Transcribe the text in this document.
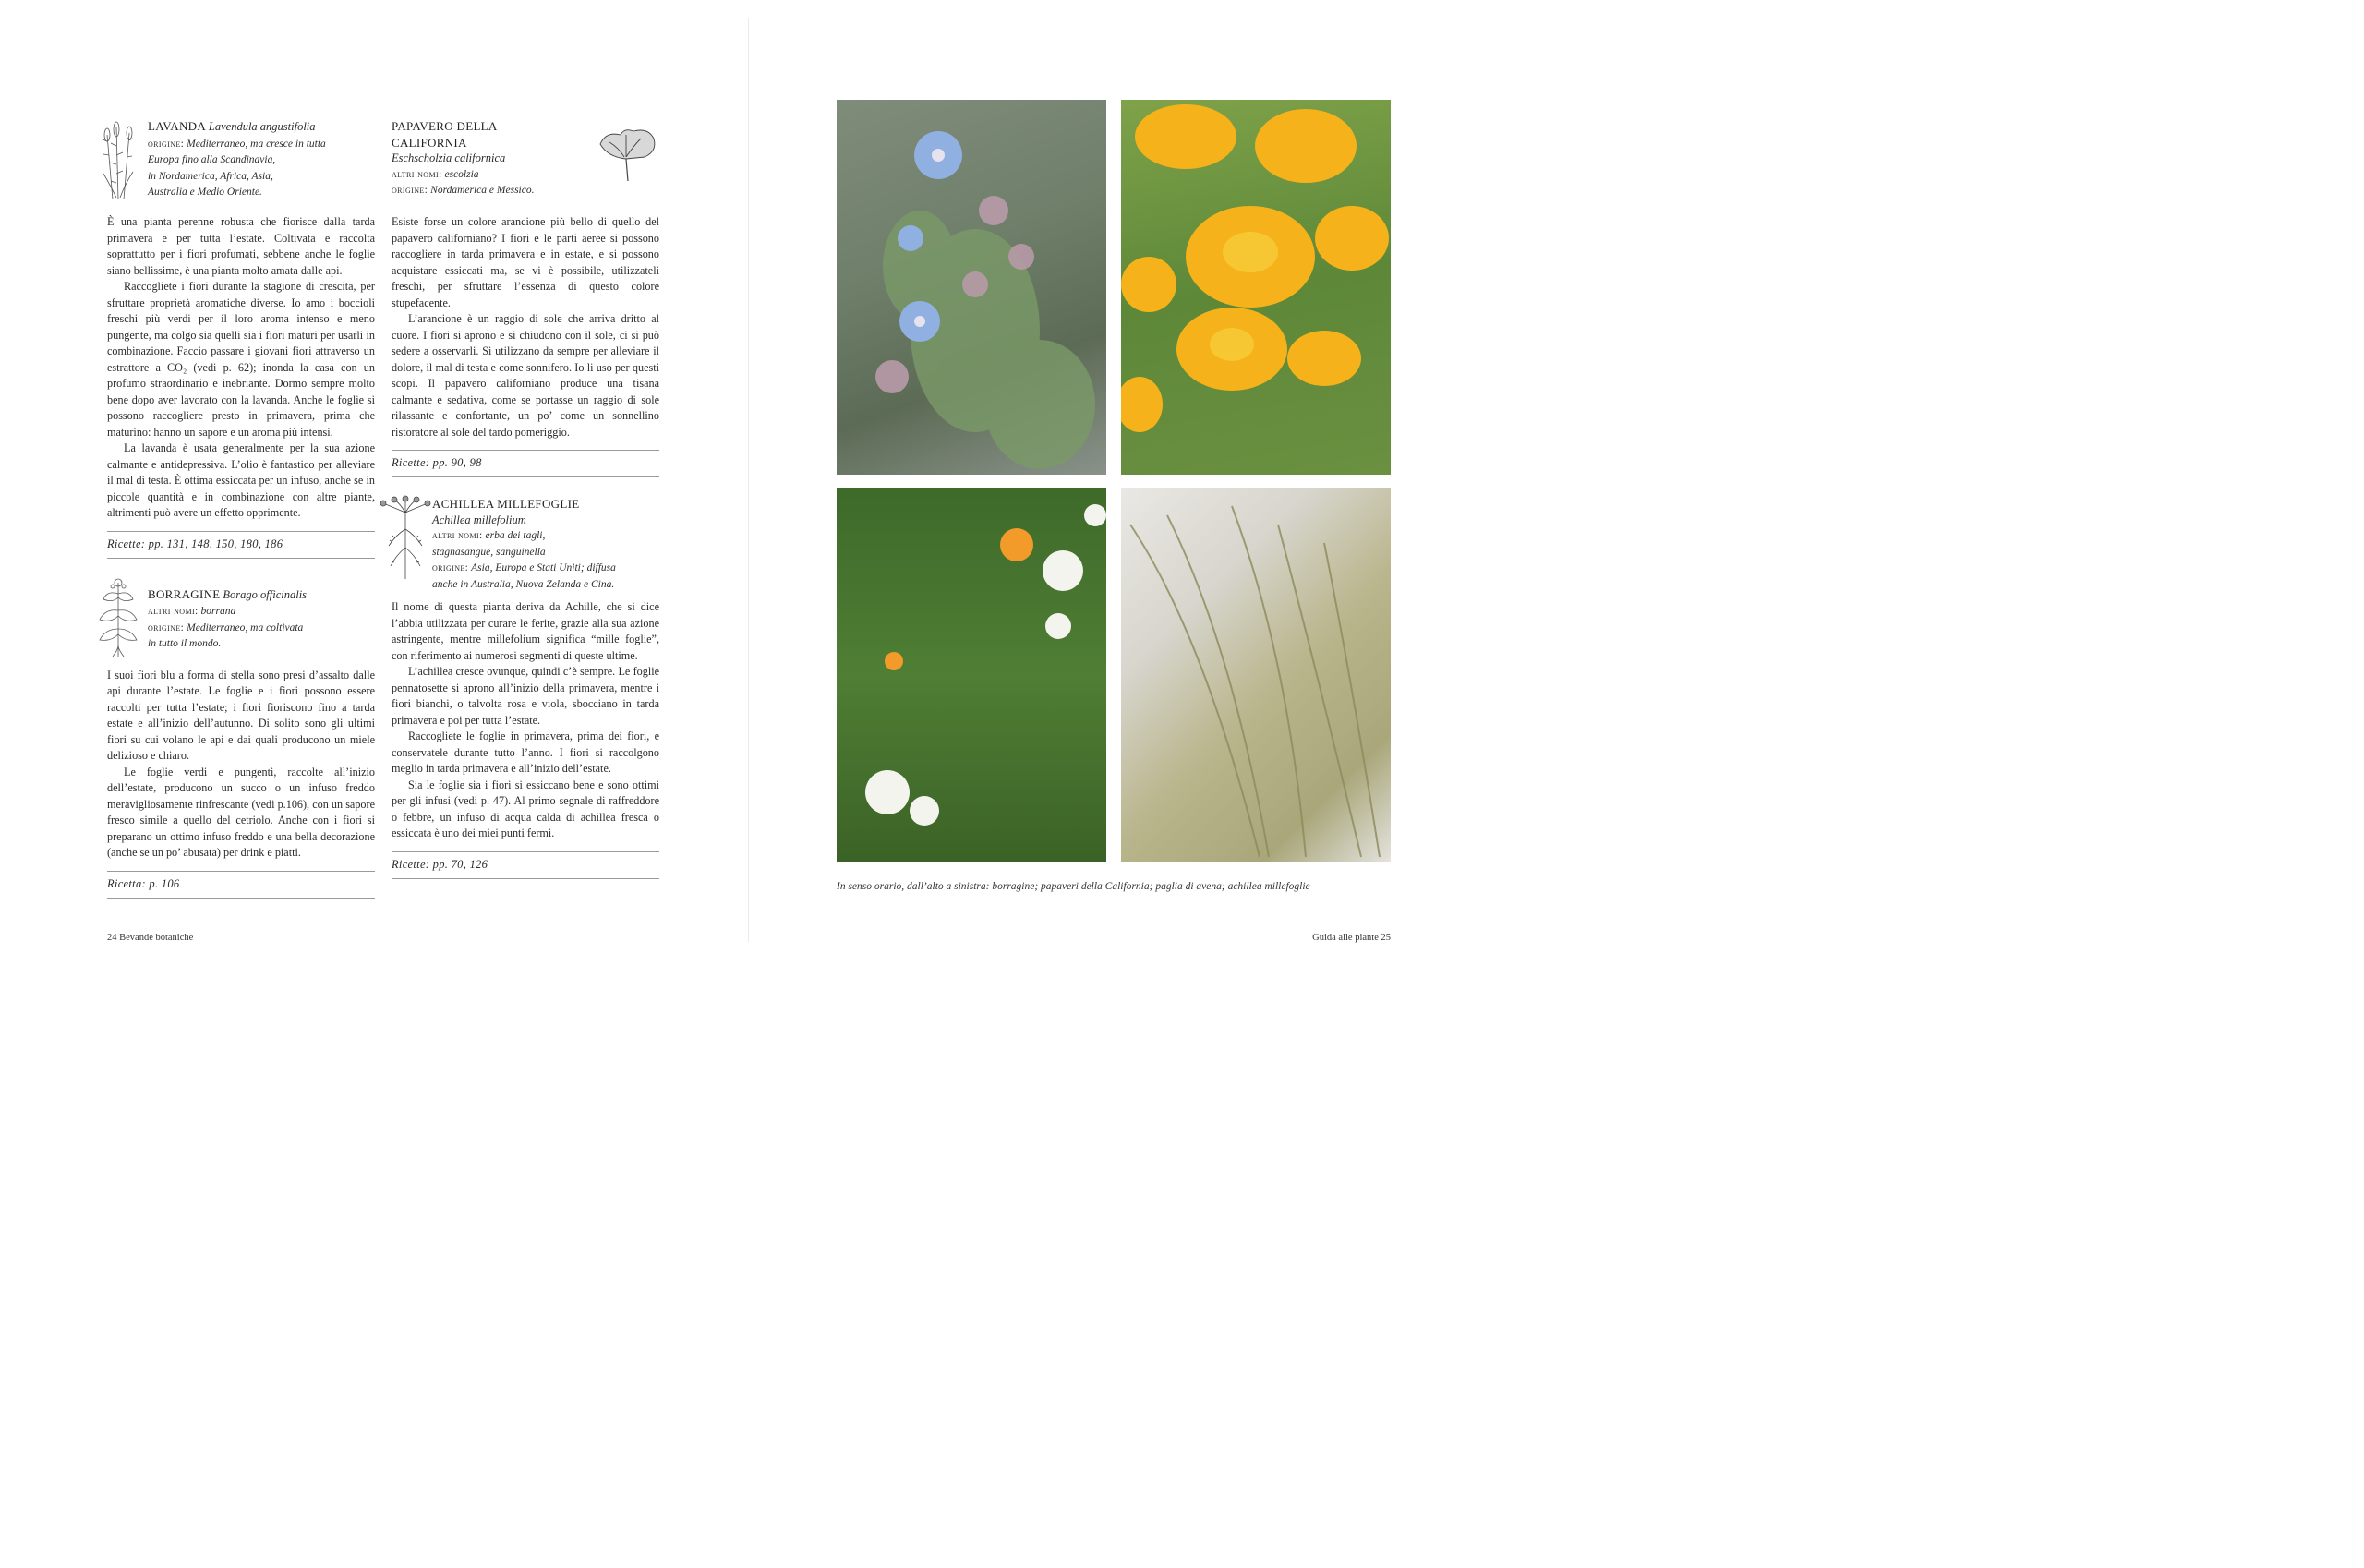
LAVANDA Lavendula angustifolia
origine: Mediterraneo, ma cresce in tutta
Europa fino alla Scandinavia,
in Nordamerica, Africa, Asia,
Australia e Medio Oriente.

È una pianta perenne robusta che fiorisce dalla tarda primavera e per tutta l’estate. Coltivata e raccolta soprattutto per i fiori profumati, sebbene anche le foglie siano bellissime, è una pianta molto amata dalle api.

Raccogliete i fiori durante la stagione di crescita, per sfruttare proprietà aromatiche diverse. Io amo i boccioli freschi più verdi per il loro aroma intenso e meno pungente, ma colgo sia quelli sia i fiori maturi per usarli in combinazione. Faccio passare i giovani fiori attraverso un estrattore a CO₂ (vedi p. 62); inonda la casa con un profumo straordinario e inebriante. Dormo sempre molto bene dopo aver lavorato con la lavanda. Anche le foglie si possono raccogliere presto in primavera, prima che maturino: hanno un sapore e un aroma più intensi.

La lavanda è usata generalmente per la sua azione calmante e antidepressiva. L’olio è fantastico per alleviare il mal di testa. È ottima essiccata per un infuso, anche se in piccole quantità e in combinazione con altre piante, altrimenti può avere un effetto opprimente.

Ricette: pp. 131, 148, 150, 180, 186
BORRAGINE Borago officinalis
altri nomi: borrana
origine: Mediterraneo, ma coltivata
in tutto il mondo.

I suoi fiori blu a forma di stella sono presi d’assalto dalle api durante l’estate. Le foglie e i fiori possono essere raccolti per tutta l’estate; i fiori fioriscono fino a tarda estate e all’inizio dell’autunno. Di solito sono gli ultimi fiori su cui volano le api e dai quali producono un miele delizioso e chiaro.

Le foglie verdi e pungenti, raccolte all’inizio dell’estate, producono un succo o un infuso freddo meravigliosamente rinfrescante (vedi p.106), con un sapore fresco simile a quello del cetriolo. Anche con i fiori si preparano un ottimo infuso freddo e una bella decorazione (anche se un po’ abusata) per drink e piatti.

Ricetta: p. 106
PAPAVERO DELLA
CALIFORNIA
Eschscholzia californica
altri nomi: escolzia
origine: Nordamerica e Messico.

Esiste forse un colore arancione più bello di quello del papavero californiano? I fiori e le parti aeree si possono raccogliere in tarda primavera e in estate, e si possono acquistare essiccati ma, se vi è possibile, utilizzateli freschi, per sfruttare l’essenza di questo colore stupefacente.

L’arancione è un raggio di sole che arriva dritto al cuore. I fiori si aprono e si chiudono con il sole, ci si può sedere a osservarli. Si utilizzano da sempre per alleviare il dolore, il mal di testa e come sonnifero. Io li uso per questi scopi. Il papavero californiano produce una tisana calmante e sedativa, come se portasse un raggio di sole rilassante e confortante, un po’ come un sonnellino ristoratore al sole del tardo pomeriggio.

Ricette: pp. 90, 98
ACHILLEA MILLEFOGLIE
Achillea millefolium
altri nomi: erba dei tagli,
stagnasangue, sanguinella
origine: Asia, Europa e Stati Uniti; diffusa
anche in Australia, Nuova Zelanda e Cina.

Il nome di questa pianta deriva da Achille, che si dice l’abbia utilizzata per curare le ferite, grazie alla sua azione astringente, mentre millefolium significa “mille foglie”, con riferimento ai numerosi segmenti di queste ultime.

L’achillea cresce ovunque, quindi c’è sempre. Le foglie pennatosette si aprono all’inizio della primavera, mentre i fiori bianchi, o talvolta rosa e viola, sbocciano in tarda primavera e poi per tutta l’estate.

Raccogliete le foglie in primavera, prima dei fiori, e conservatele durante tutto l’anno. I fiori si raccolgono meglio in tarda primavera e all’inizio dell’estate.

Sia le foglie sia i fiori si essiccano bene e sono ottimi per gli infusi (vedi p. 47). Al primo segnale di raffreddore o febbre, un infuso di acqua calda di achillea fresca o essiccata è uno dei miei punti fermi.

Ricette: pp. 70, 126
In senso orario, dall’alto a sinistra: borragine; papaveri della California; paglia di avena; achillea millefoglie
24 Bevande botaniche	Guida alle piante 25
